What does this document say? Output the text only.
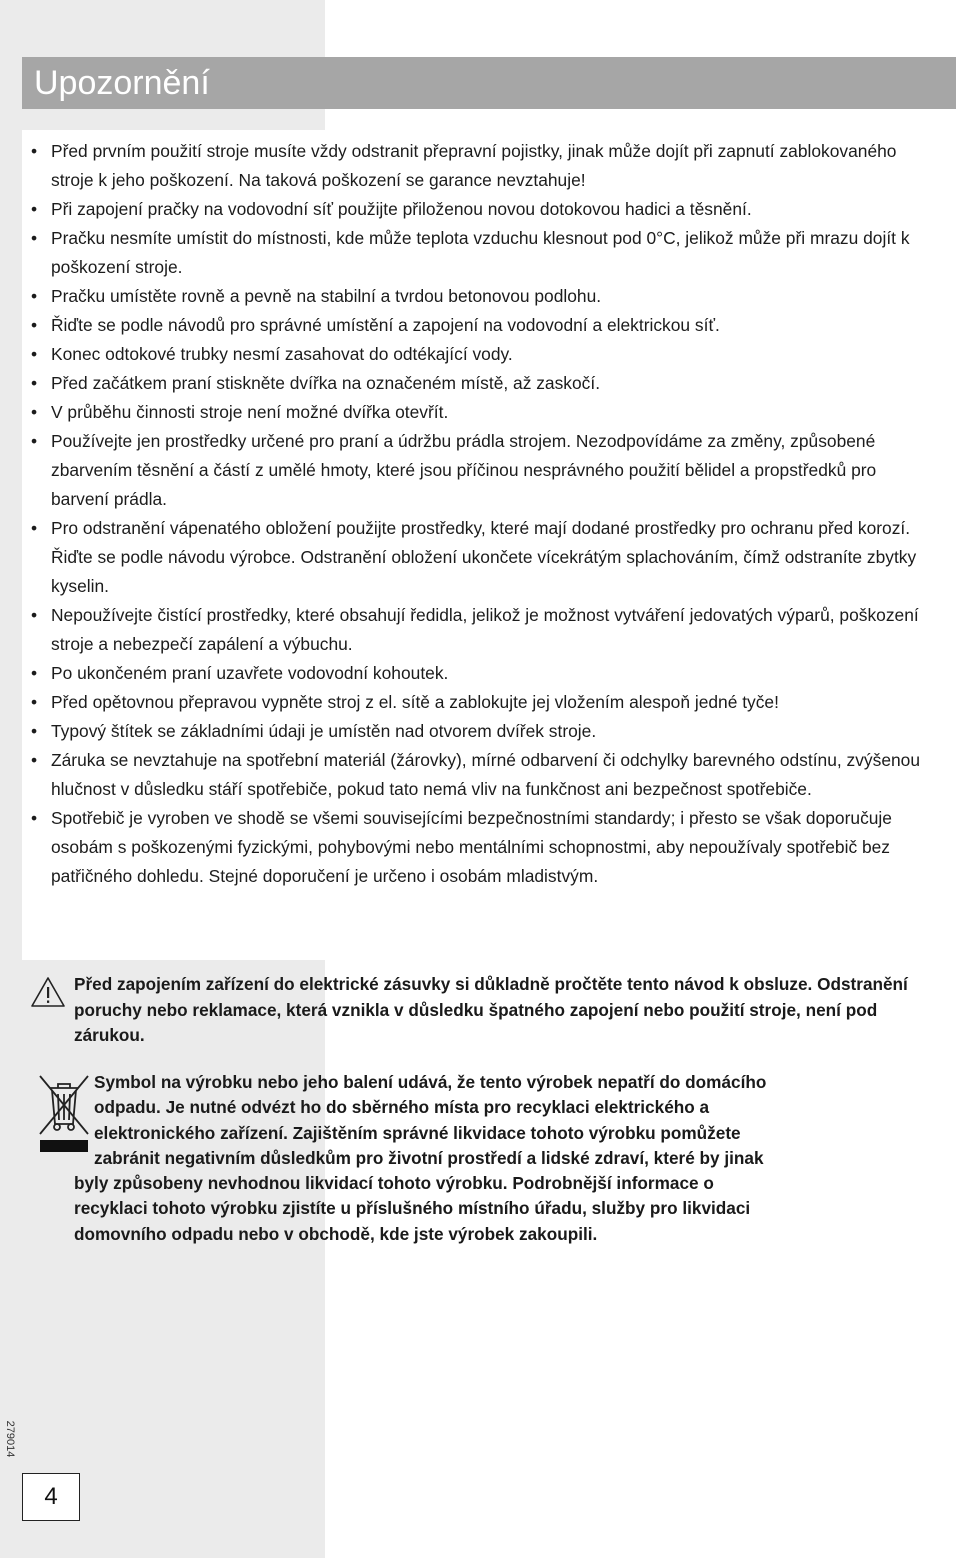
Upozornění
• Před prvním použití stroje musíte vždy odstranit přepravní pojistky, jinak může dojít při zapnutí zablokovaného stroje k jeho poškození. Na taková poškození se garance nevztahuje!
• Při zapojení pračky na vodovodní síť použijte přiloženou novou dotokovou hadici a těsnění.
• Pračku nesmíte umístit do místnosti, kde může teplota vzduchu klesnout pod 0°C, jelikož může při mrazu dojít k poškození stroje.
• Pračku umístěte rovně a pevně na stabilní a tvrdou betonovou podlohu.
• Řiďte se podle návodů pro správné umístění a zapojení na vodovodní a elektrickou síť.
• Konec odtokové trubky nesmí zasahovat do odtékající vody.
• Před začátkem praní stiskněte dvířka na označeném místě, až zaskočí.
• V průběhu činnosti stroje není možné dvířka otevřít.
• Používejte jen prostředky určené pro praní a údržbu prádla strojem. Nezodpovídáme za změny, způsobené zbarvením těsnění a částí z umělé hmoty, které jsou příčinou nesprávného použití bělidel a propstředků pro barvení prádla.
• Pro odstranění vápenatého obložení použijte prostředky, které mají dodané prostředky pro ochranu před korozí. Řiďte se podle návodu výrobce. Odstranění obložení ukončete vícekrátým splachováním, čímž odstraníte zbytky kyselin.
• Nepoužívejte čistící prostředky, které obsahují ředidla, jelikož je možnost vytváření jedovatých výparů, poškození stroje a nebezpečí zapálení a výbuchu.
• Po ukončeném praní uzavřete vodovodní kohoutek.
• Před opětovnou přepravou vypněte stroj z el. sítě a zablokujte jej vložením alespoň jedné tyče!
• Typový štítek se základními údaji je umístěn nad otvorem dvířek stroje.
• Záruka se nevztahuje na spotřební materiál (žárovky), mírné odbarvení či odchylky barevného odstínu, zvýšenou hlučnost v důsledku stáří spotřebiče, pokud tato nemá vliv na funkčnost ani bezpečnost spotřebiče.
• Spotřebič je vyroben ve shodě se všemi souvisejícími bezpečnostními standardy; i přesto se však doporučuje osobám s poškozenými fyzickými, pohybovými nebo mentálními schopnostmi, aby nepoužívaly spotřebič bez patřičného dohledu. Stejné doporučení je určeno i osobám mladistvým.
Před zapojením zařízení do elektrické zásuvky si důkladně pročtěte tento návod k obsluze. Odstranění poruchy nebo reklamace, která vznikla v důsledku špatného zapojení nebo použití stroje, není pod zárukou.
Symbol na výrobku nebo jeho balení udává, že tento výrobek nepatří do domácího
odpadu. Je nutné odvézt ho do sběrného místa pro recyklaci elektrického a
elektronického zařízení. Zajištěním správné likvidace tohoto výrobku pomůžete
zabránit negativním důsledkům pro životní prostředí a lidské zdraví, které by jinak
byly způsobeny nevhodnou likvidací tohoto výrobku. Podrobnější informace o
recyklaci tohoto výrobku zjistíte u příslušného místního úřadu, služby pro likvidaci
domovního odpadu nebo v obchodě, kde jste výrobek zakoupili.
279014
4
